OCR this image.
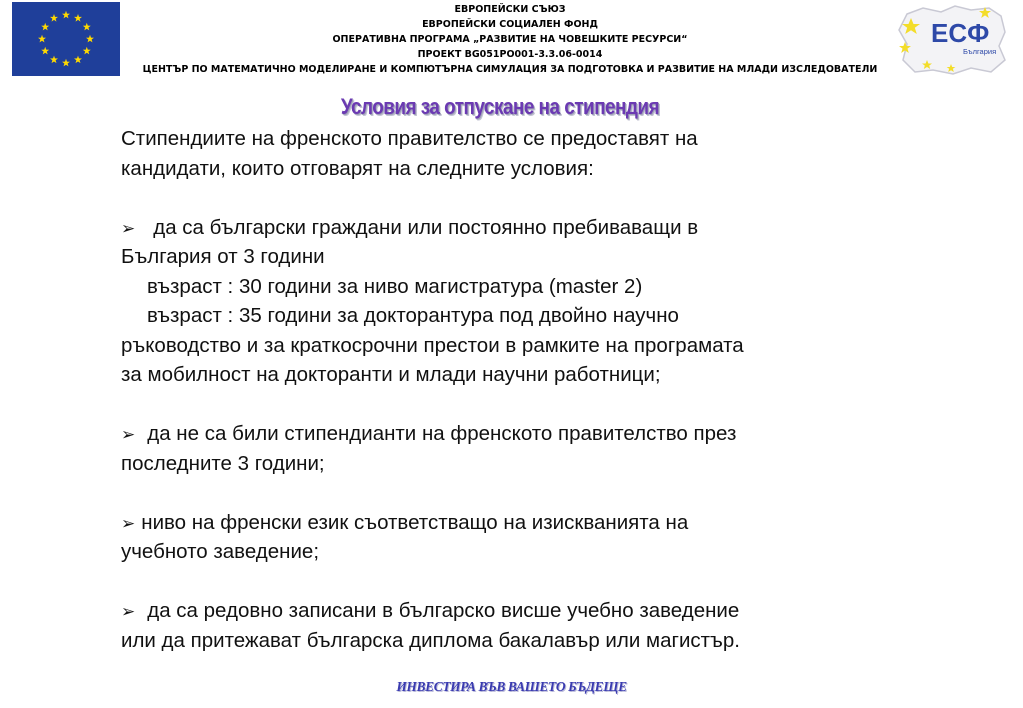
ЕВРОПЕЙСКИ СЪЮЗ
ЕВРОПЕЙСКИ СОЦИАЛЕН ФОНД
ОПЕРАТИВНА ПРОГРАМА „РАЗВИТИЕ НА ЧОВЕШКИТЕ РЕСУРСИ“
ПРОЕКТ BG051PO001-3.3.06-0014
ЦЕНТЪР ПО МАТЕМАТИЧНО МОДЕЛИРАНЕ И КОМПЮТЪРНА СИМУЛАЦИЯ ЗА ПОДГОТОВКА И РАЗВИТИЕ НА МЛАДИ ИЗСЛЕДОВАТЕЛИ
ЕСФ
България
Условия за отпускане на стипендия
Стипендиите на френското правителство се предоставят на
кандидати, които отговарят на следните условия:
➢ да са български граждани или постоянно пребиваващи в
България от 3 години
възраст : 30 години за ниво магистратура (master 2)
възраст : 35 години за докторантура под двойно научно
ръководство и за краткосрочни престои в рамките на програмата
за мобилност на докторанти и млади научни работници;
➢ да не са били стипендианти на френското правителство през
последните 3 години;
➢ ниво на френски език съответстващо на изискванията на
учебното заведение;
➢ да са редовно записани в българско висше учебно заведение
или да притежават българска диплома бакалавър или магистър.
ИНВЕСТИРА ВЪВ ВАШЕТО БЪДЕЩЕ
